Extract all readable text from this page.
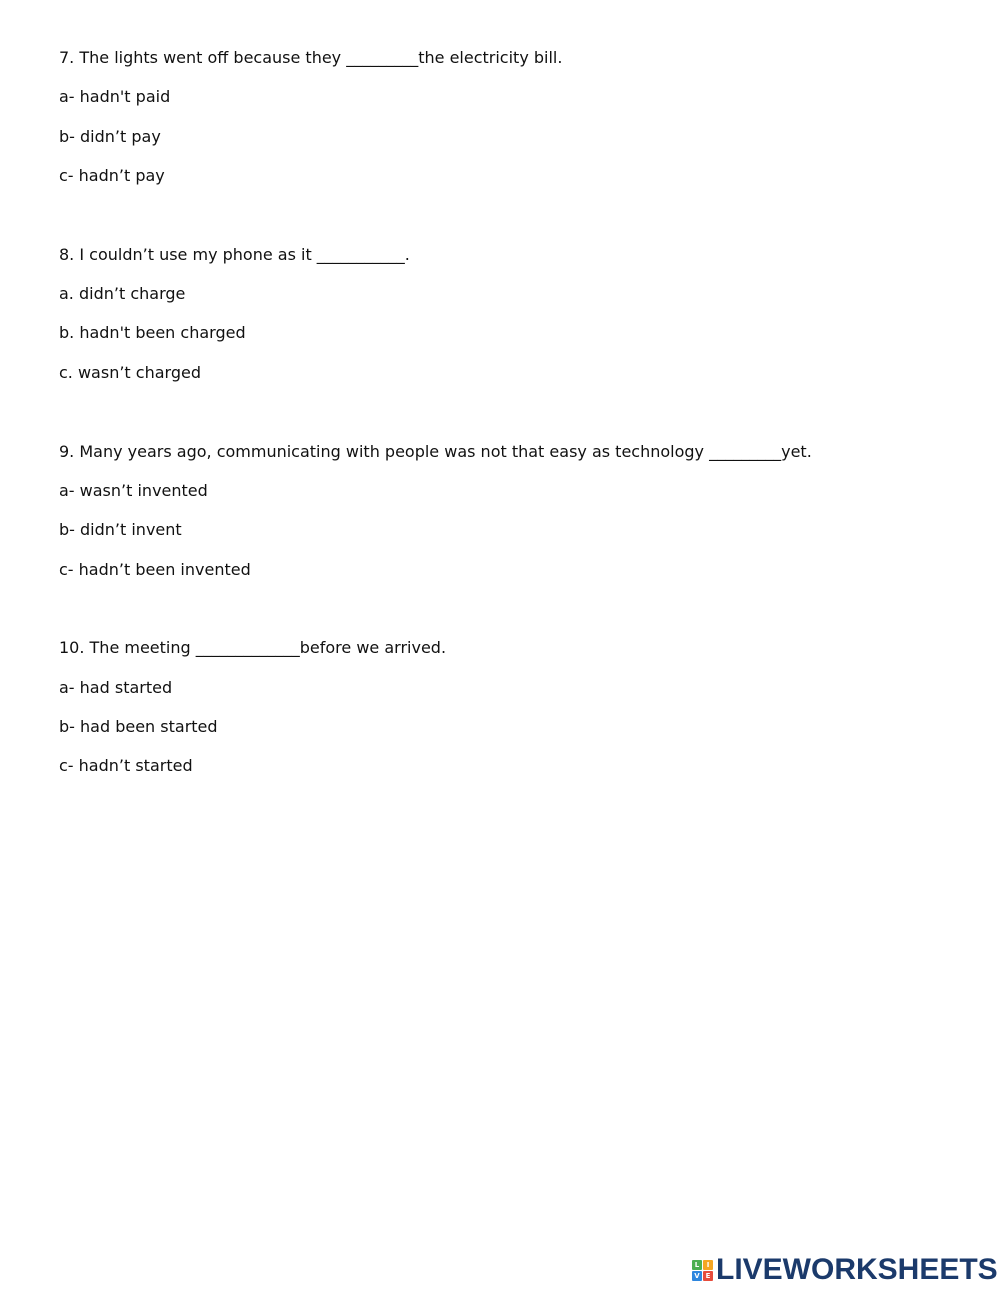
7. The lights went off because they _________the electricity bill.
a- hadn't paid
b- didn’t pay
c- hadn’t pay
8. I couldn’t use my phone as it ___________.
a. didn’t charge
b. hadn't been charged
c. wasn’t charged
9. Many years ago, communicating with people was not that easy as technology _________yet.
a- wasn’t invented
b- didn’t invent
c- hadn’t been invented
10. The meeting _____________before we arrived.
a- had started
b- had been started
c- hadn’t started
L	I
V E LIVEWORKSHEETS
